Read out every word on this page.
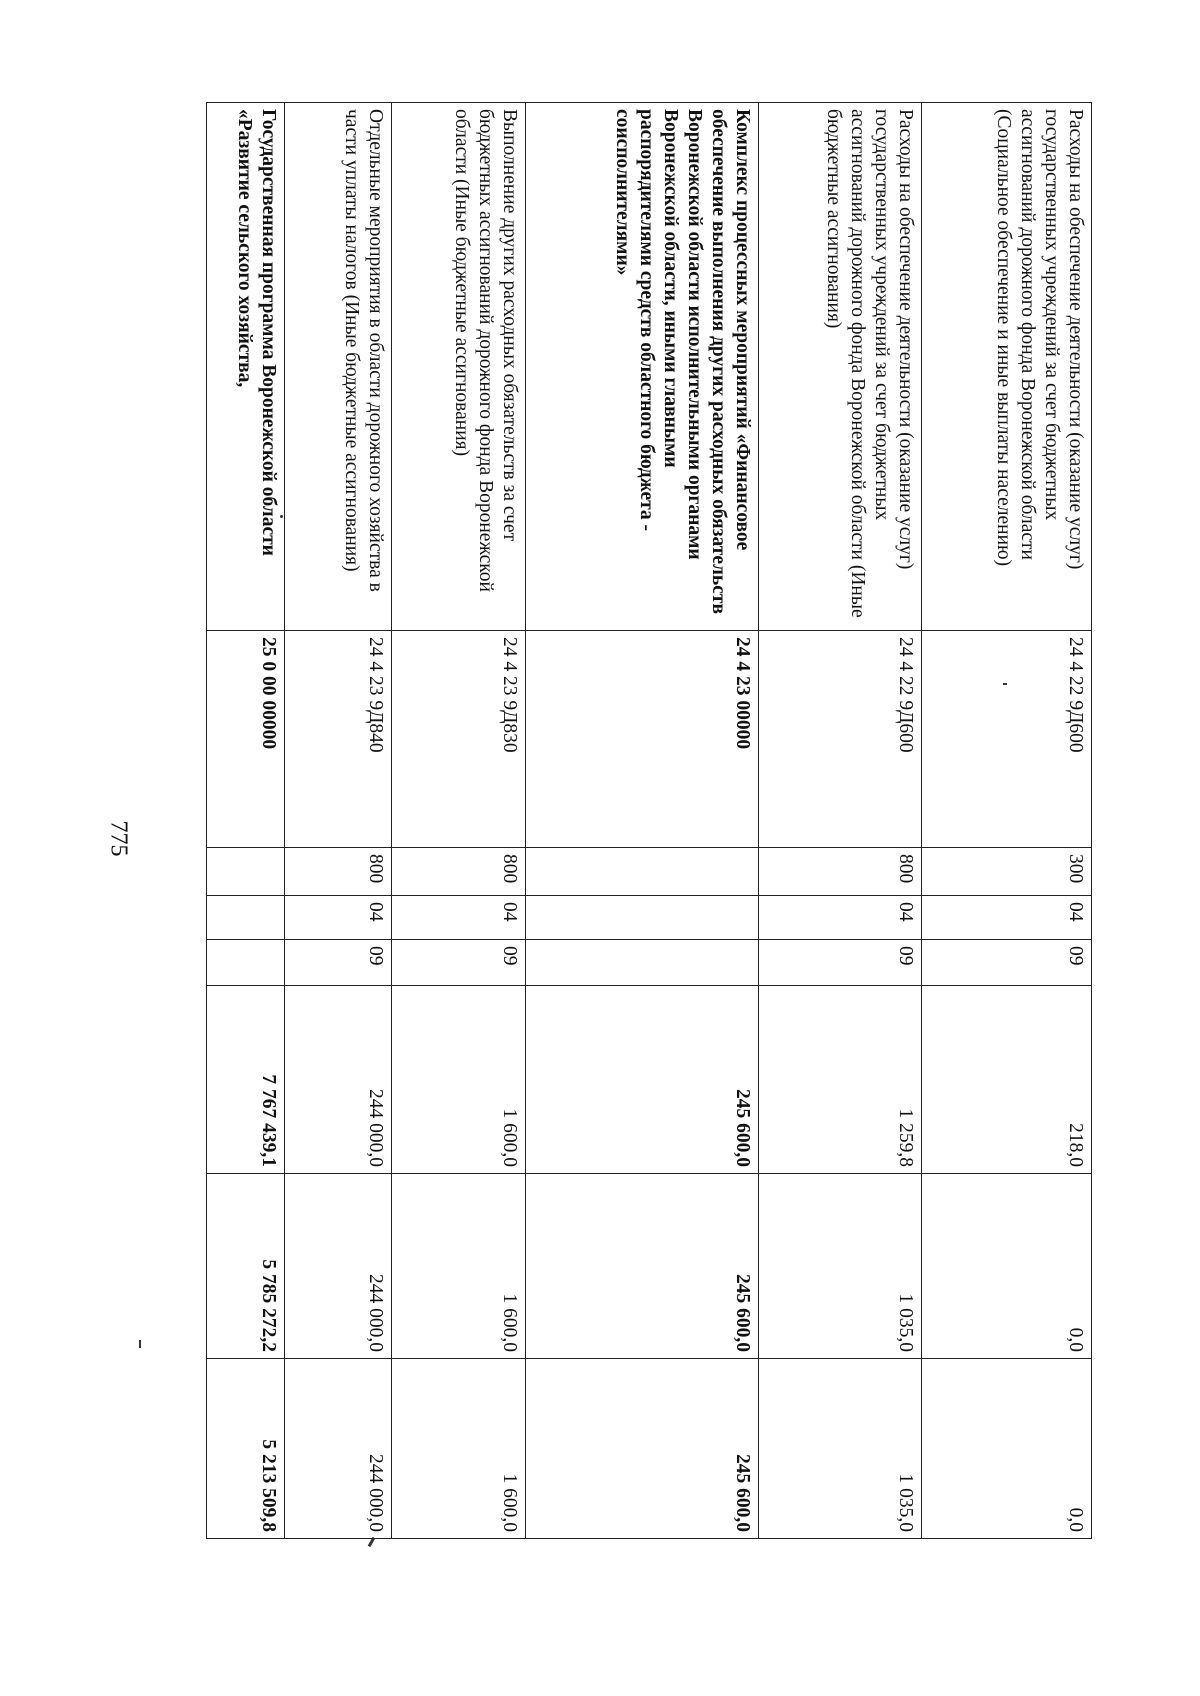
775
Расходы на обеспечение деятельности (оказание услуг) государственных учреждений за счет бюджетных ассигнований дорожного фонда Воронежской области (Социальное обеспечение и иные выплаты населению)	24 4 22 9Д600	300	04	09	218,0	0,0	0,0
Расходы на обеспечение деятельности (оказание услуг) государственных учреждений за счет бюджетных ассигнований дорожного фонда Воронежской области (Иные бюджетные ассигнования)	24 4 22 9Д600	800	04	09	1 259,8	1 035,0	1 035,0
Комплекс процессных мероприятий «Финансовое обеспечение выполнения других расходных обязательств Воронежской области исполнительными органами Воронежской области, иными главными распорядителями средств областного бюджета - соисполнителями»	24 4 23 00000				245 600,0	245 600,0	245 600,0
Выполнение других расходных обязательств за счет бюджетных ассигнований дорожного фонда Воронежской области (Иные бюджетные ассигнования)	24 4 23 9Д830	800	04	09	1 600,0	1 600,0	1 600,0
Отдельные мероприятия в области дорожного хозяйства в части уплаты налогов (Иные бюджетные ассигнования)	24 4 23 9Д840	800	04	09	244 000,0	244 000,0	244 000,0
Государственная программа Воронежской области «Развитие сельского хозяйства,	25 0 00 00000				7 767 439,1	5 785 272,2	5 213 509,8
